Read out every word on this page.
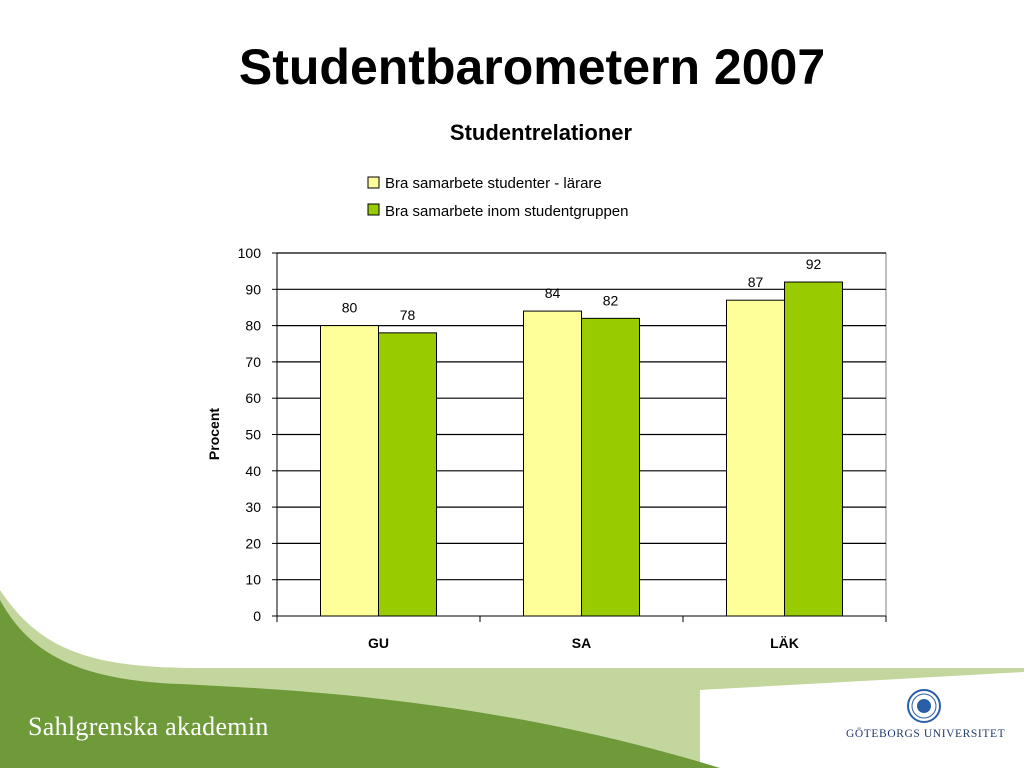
Studentbarometern 2007
Studentrelationer
Bra samarbete studenter - lärare
Bra samarbete inom studentgruppen
Procent
0
10
20
30
40
50
60
70
80
90
100
80	78
GU
84	82
SA
87
92
LÄK
Sahlgrenska akademin	GÖTEBORGS UNIVERSITET
